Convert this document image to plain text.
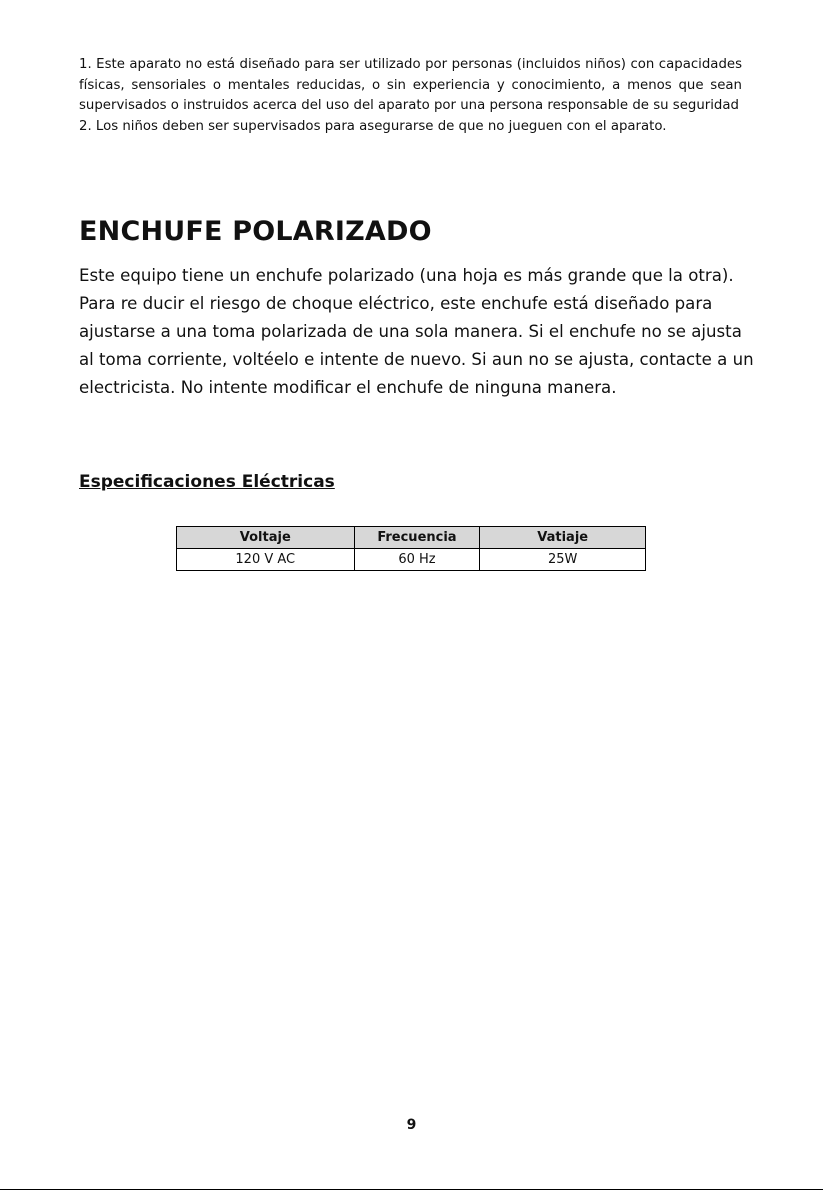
1. Este aparato no está diseñado para ser utilizado por personas (incluidos niños) con capacidades físicas, sensoriales o mentales reducidas, o sin experiencia y conocimiento, a menos que sean supervisados o instruidos acerca del uso del aparato por una persona responsable de su seguridad

2. Los niños deben ser supervisados para asegurarse de que no jueguen con el aparato.

ENCHUFE POLARIZADO

Este equipo tiene un enchufe polarizado (una hoja es más grande que la otra). Para re ducir el riesgo de choque eléctrico, este enchufe está diseñado para ajustarse a una toma polarizada de una sola manera. Si el enchufe no se ajusta al toma corriente, voltéelo e intente de nuevo. Si aun no se ajusta, contacte a un electricista. No intente modificar el enchufe de ninguna manera.

Especificaciones Eléctricas
Voltaje	Frecuencia	Vatiaje
120 V AC	60 Hz	25W
9
